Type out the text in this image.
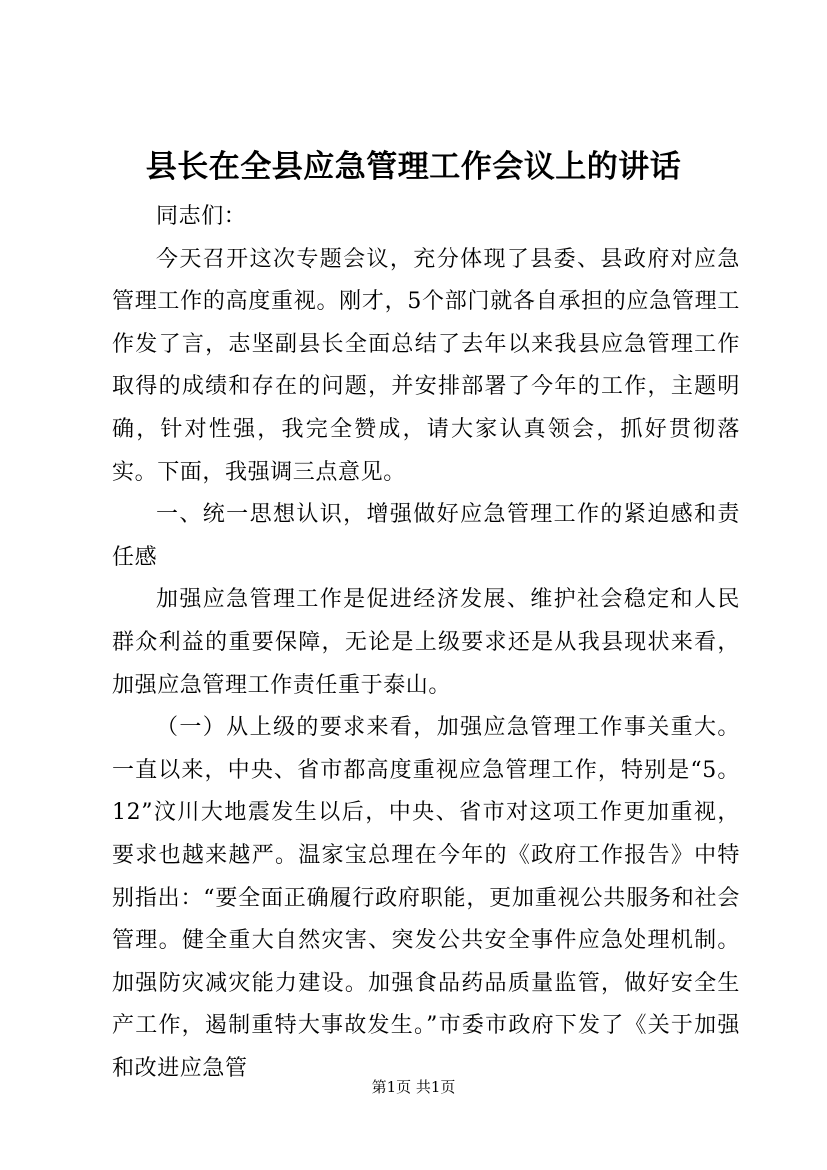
县长在全县应急管理工作会议上的讲话

同志们：

今天召开这次专题会议，充分体现了县委、县政府对应急管理工作的高度重视。刚才，5个部门就各自承担的应急管理工作发了言，志坚副县长全面总结了去年以来我县应急管理工作取得的成绩和存在的问题，并安排部署了今年的工作，主题明确，针对性强，我完全赞成，请大家认真领会，抓好贯彻落实。下面，我强调三点意见。

一、统一思想认识，增强做好应急管理工作的紧迫感和责任感

加强应急管理工作是促进经济发展、维护社会稳定和人民群众利益的重要保障，无论是上级要求还是从我县现状来看，加强应急管理工作责任重于泰山。

（一）从上级的要求来看，加强应急管理工作事关重大。一直以来，中央、省市都高度重视应急管理工作，特别是“5。12”汶川大地震发生以后，中央、省市对这项工作更加重视，要求也越来越严。温家宝总理在今年的《政府工作报告》中特别指出：“要全面正确履行政府职能，更加重视公共服务和社会管理。健全重大自然灾害、突发公共安全事件应急处理机制。加强防灾减灾能力建设。加强食品药品质量监管，做好安全生产工作，遏制重特大事故发生。”市委市政府下发了《关于加强和改进应急管

第1页 共1页
